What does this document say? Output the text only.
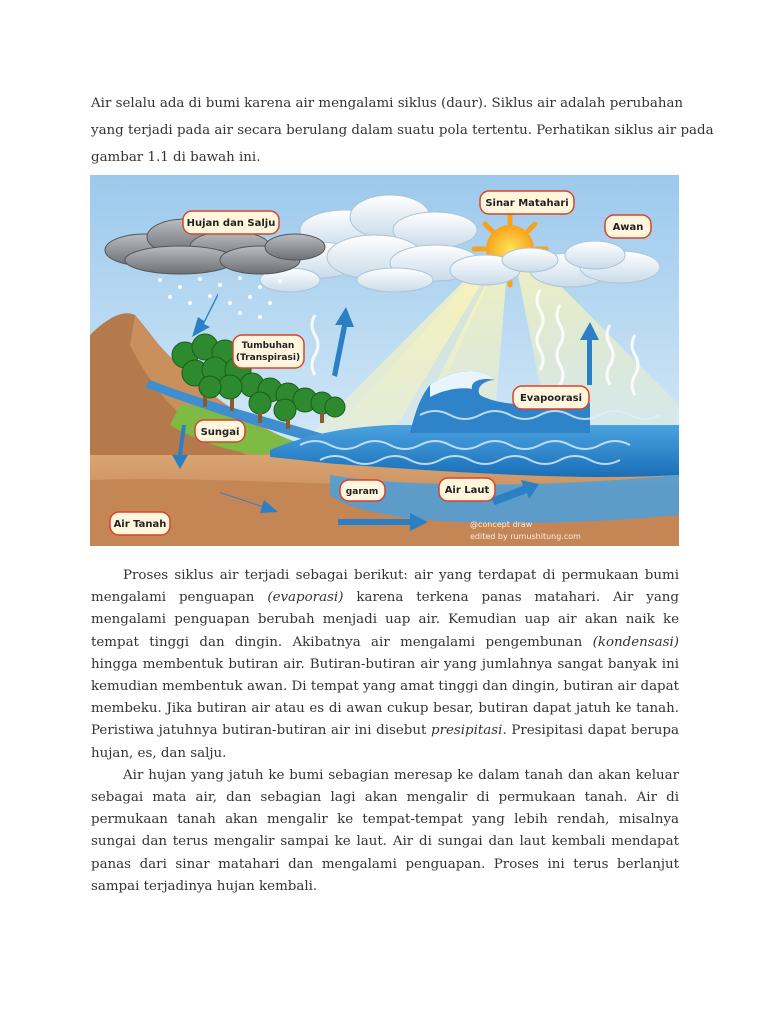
Air selalu ada di bumi karena air mengalami siklus (daur). Siklus air adalah perubahan
yang terjadi pada air secara berulang dalam suatu pola tertentu. Perhatikan siklus air pada
gambar 1.1 di bawah ini.
Hujan dan Salju
Sinar Matahari
Awan
Tumbuhan
(Transpirasi)
Evapoorasi
Sungai
garam	Air Laut
Air Tanah	@concept draw
edited by rumushitung.com

Proses siklus air terjadi sebagai berikut: air yang terdapat di permukaan bumi mengalami penguapan (evaporasi) karena terkena panas matahari. Air yang mengalami penguapan berubah menjadi uap air. Kemudian uap air akan naik ke tempat tinggi dan dingin. Akibatnya air mengalami pengembunan (kondensasi) hingga membentuk butiran air. Butiran-butiran air yang jumlahnya sangat banyak ini kemudian membentuk awan. Di tempat yang amat tinggi dan dingin, butiran air dapat membeku. Jika butiran air atau es di awan cukup besar, butiran dapat jatuh ke tanah. Peristiwa jatuhnya butiran-butiran air ini disebut presipitasi. Presipitasi dapat berupa hujan, es, dan salju.

Air hujan yang jatuh ke bumi sebagian meresap ke dalam tanah dan akan keluar sebagai mata air, dan sebagian lagi akan mengalir di permukaan tanah. Air di permukaan tanah akan mengalir ke tempat-tempat yang lebih rendah, misalnya sungai dan terus mengalir sampai ke laut. Air di sungai dan laut kembali mendapat panas dari sinar matahari dan mengalami penguapan. Proses ini terus berlanjut sampai terjadinya hujan kembali.
